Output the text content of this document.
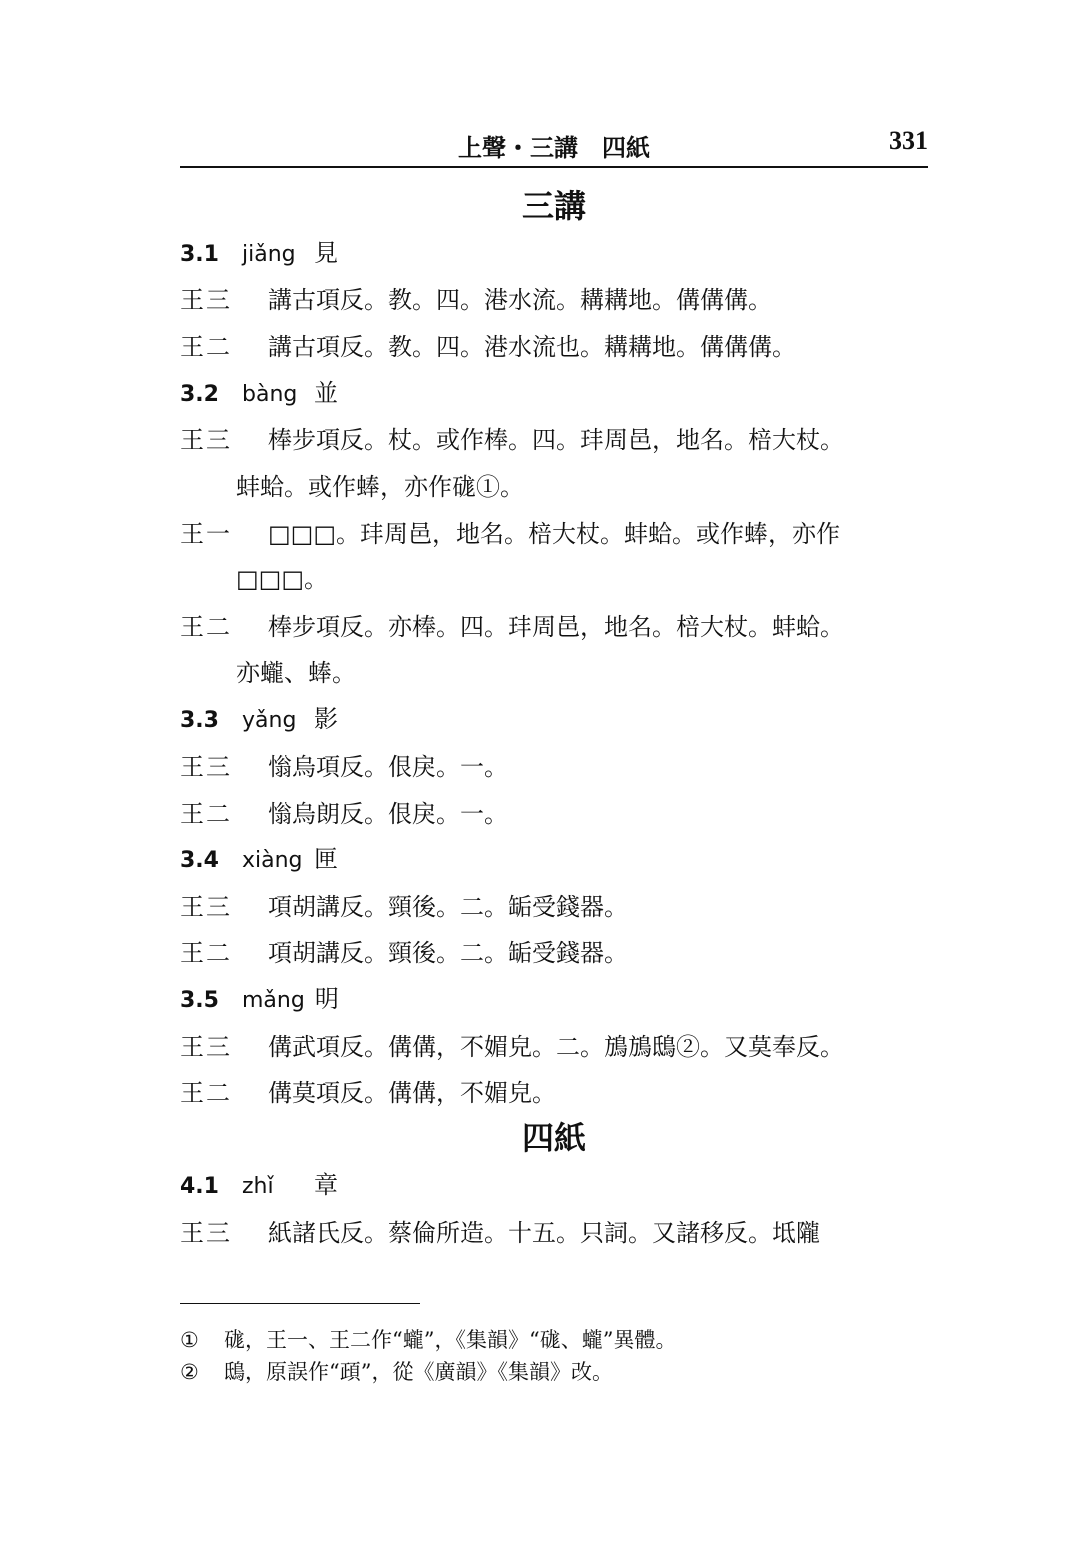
上聲・三講　四紙	331
三講
3.1 jiǎng 見
王三 講古項反。教。四。港水流。耩耩地。傋傋傋。
王二 講古項反。教。四。港水流也。耩耩地。傋傋傋。
3.2 bàng 並
王三 棒步項反。杖。或作棒。四。玤周邑，地名。棓大杖。
蚌蛤。或作蜯，亦作硥①。
王一 □□□。玤周邑，地名。棓大杖。蚌蛤。或作蜯，亦作
□□□。
王二 棒步項反。亦棒。四。玤周邑，地名。棓大杖。蚌蛤。
亦蠬、蜯。
3.3 yǎng 影
王三 慃烏項反。佷戾。一。
王二 慃烏朗反。佷戾。一。
3.4 xiàng 匣
王三 項胡講反。頸後。二。缿受錢器。
王二 項胡講反。頸後。二。缿受錢器。
3.5 mǎng 明
王三 傋武項反。傋傋，不媚皃。二。鴋鴋鴟②。又莫奉反。
王二 傋莫項反。傋傋，不媚皃。
四紙
4.1 zhǐ 章
王三 紙諸氏反。蔡倫所造。十五。只詞。又諸移反。坻隴
① 硥，王一、王二作“蠬”，《集韻》“硥、蠬”異體。
② 鴟，原誤作“頙”，從《廣韻》《集韻》改。
